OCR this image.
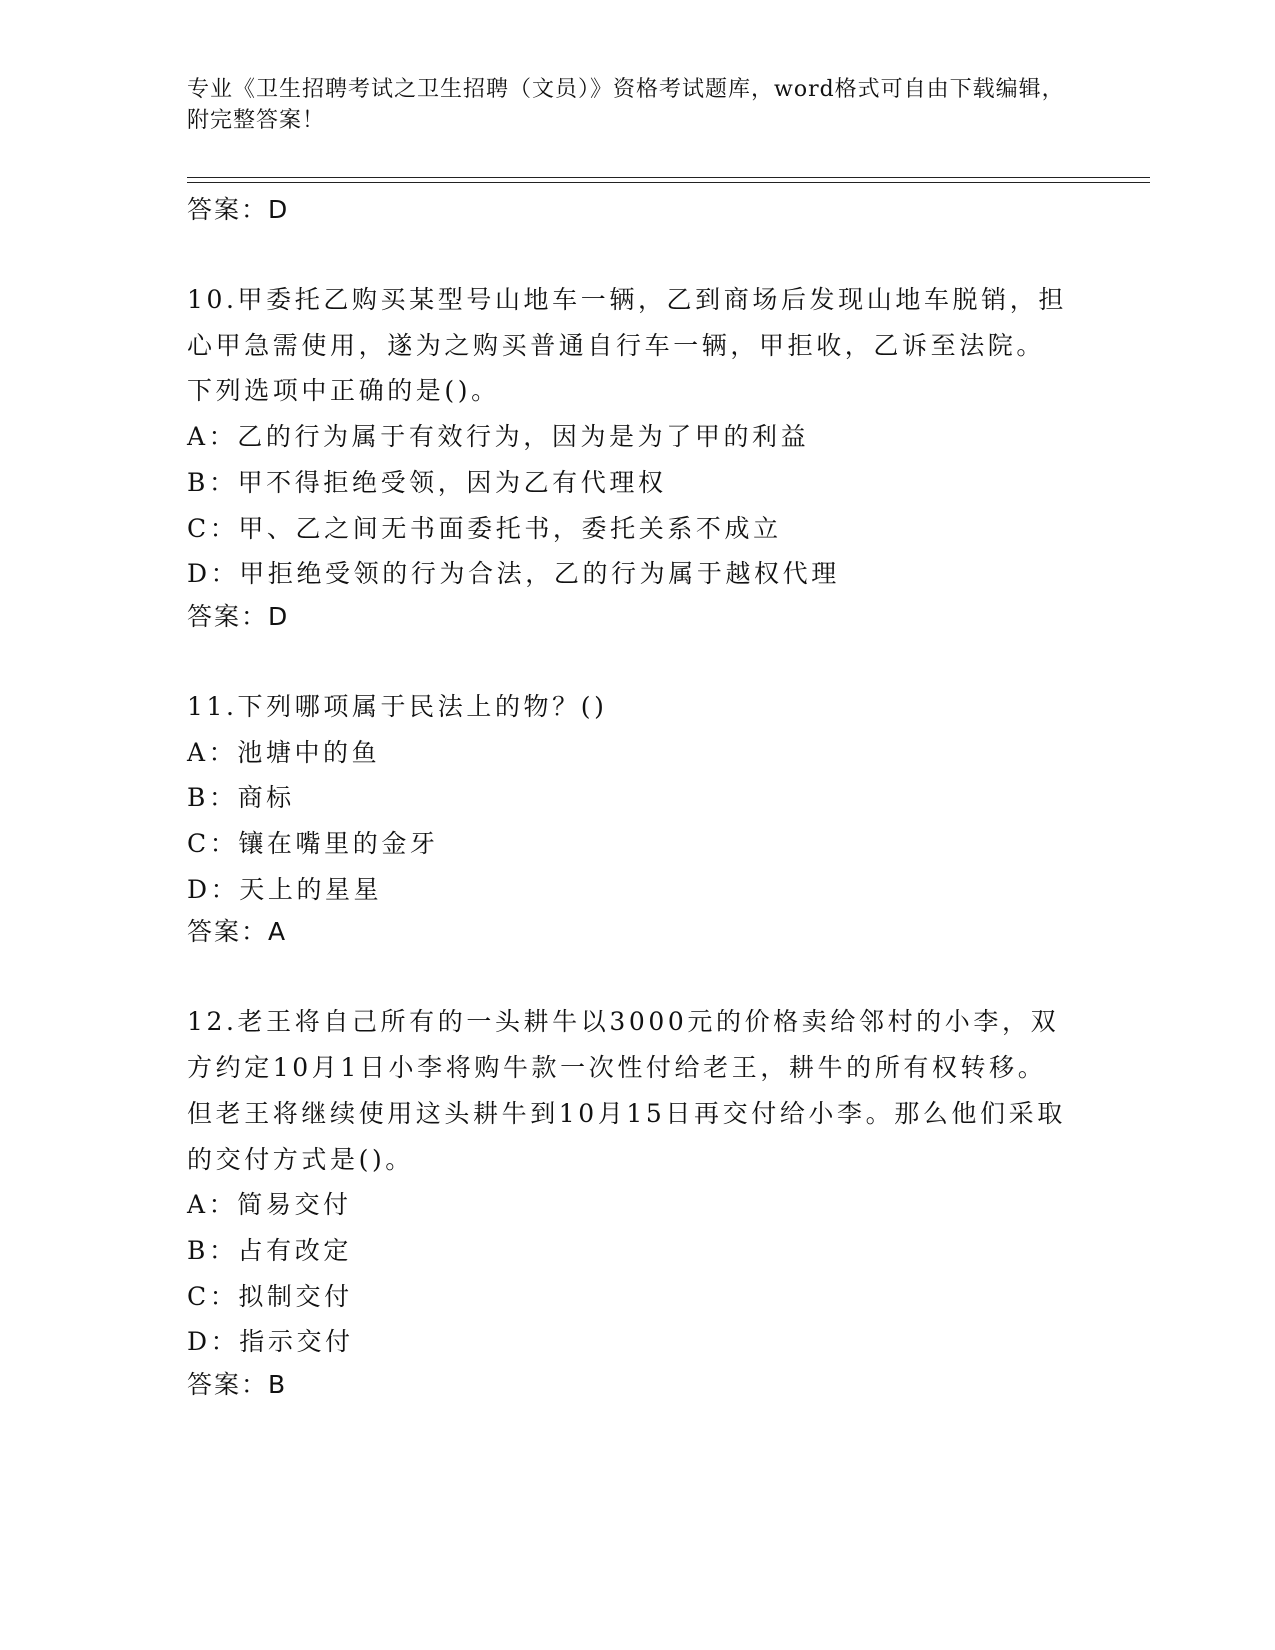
专业《卫生招聘考试之卫生招聘（文员）》资格考试题库，word格式可自由下载编辑，附完整答案！
答案：D
10.甲委托乙购买某型号山地车一辆，乙到商场后发现山地车脱销，担心甲急需使用，遂为之购买普通自行车一辆，甲拒收，乙诉至法院。下列选项中正确的是()。
A：乙的行为属于有效行为，因为是为了甲的利益
B：甲不得拒绝受领，因为乙有代理权
C：甲、乙之间无书面委托书，委托关系不成立
D：甲拒绝受领的行为合法，乙的行为属于越权代理
答案：D
11.下列哪项属于民法上的物？()
A：池塘中的鱼
B：商标
C：镶在嘴里的金牙
D：天上的星星
答案：A
12.老王将自己所有的一头耕牛以3000元的价格卖给邻村的小李，双方约定10月1日小李将购牛款一次性付给老王，耕牛的所有权转移。但老王将继续使用这头耕牛到10月15日再交付给小李。那么他们采取的交付方式是()。
A：简易交付
B：占有改定
C：拟制交付
D：指示交付
答案：B
